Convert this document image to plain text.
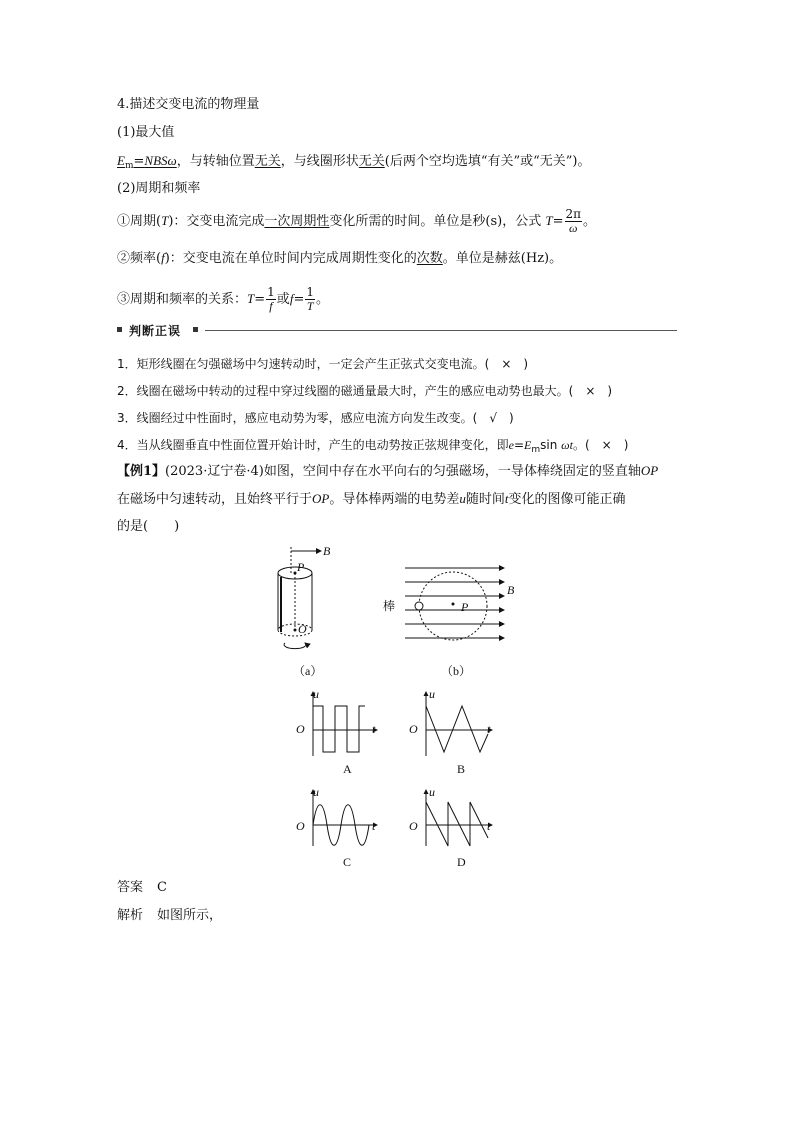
4.描述交变电流的物理量
(1)最大值
$E_m=NBS\omega$，与转轴位置无关，与线圈形状无关(后两个空均选填“有关”或“无关”)。
(2)周期和频率
①周期(T)：交变电流完成一次周期性变化所需的时间。单位是秒(s)，公式 $T= \frac{2\pi}{\omega}$ 。
②频率(f)：交变电流在单位时间内完成周期性变化的次数。单位是赫兹(Hz)。
③周期和频率的关系：$T= \frac{1}{f}$ 或$f= \frac{1}{T}$ 。
判断正误
1．矩形线圈在匀强磁场中匀速转动时，一定会产生正弦式交变电流。(　×　)
2．线圈在磁场中转动的过程中穿过线圈的磁通量最大时，产生的感应电动势也最大。(　×　)
3．线圈经过中性面时，感应电动势为零，感应电流方向发生改变。(　√　)
4．当从线圈垂直中性面位置开始计时，产生的电动势按正弦规律变化，即$e=E_m\sin$ ωt。(　×　)
【例1】(2023·辽宁卷·4)如图，空间中存在水平向右的匀强磁场，一导体棒绕固定的竖直轴OP
在磁场中匀速转动，且始终平行于OP。导体棒两端的电势差u随时间t变化的图像可能正确
的是(　　)
B
P
O
（a）
棒
B
P
（b）
u
t
O
A
u
t
O
B
u
t
O
C
u
t
O
D
答案 C
解析 如图所示，
